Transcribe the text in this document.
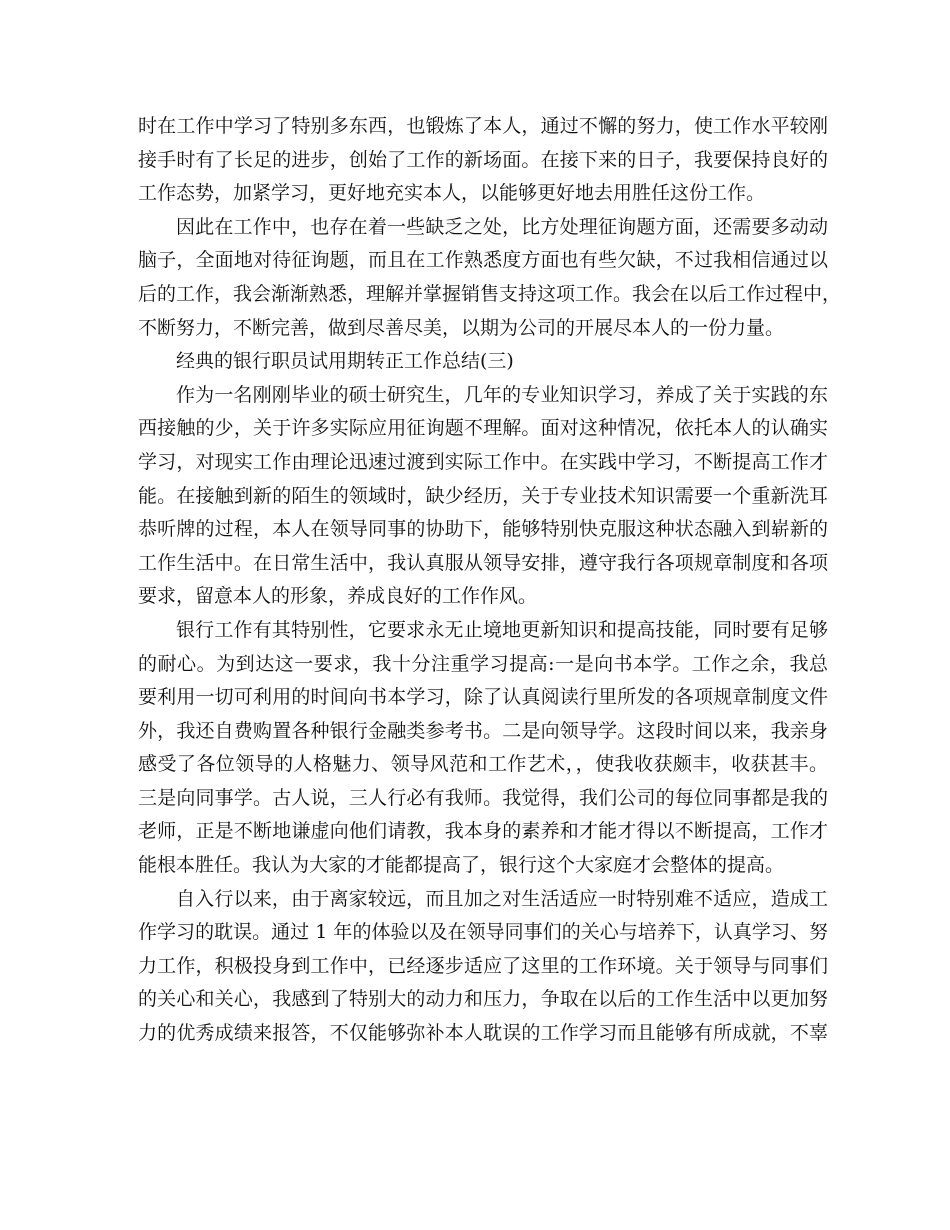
时在工作中学习了特别多东西，也锻炼了本人，通过不懈的努力，使工作水平较刚
接手时有了长足的进步，创始了工作的新场面。在接下来的日子，我要保持良好的
工作态势，加紧学习，更好地充实本人，以能够更好地去用胜任这份工作。
因此在工作中，也存在着一些缺乏之处，比方处理征询题方面，还需要多动动
脑子，全面地对待征询题，而且在工作熟悉度方面也有些欠缺，不过我相信通过以
后的工作，我会渐渐熟悉，理解并掌握销售支持这项工作。我会在以后工作过程中，
不断努力，不断完善，做到尽善尽美，以期为公司的开展尽本人的一份力量。
经典的银行职员试用期转正工作总结(三)
作为一名刚刚毕业的硕士研究生，几年的专业知识学习，养成了关于实践的东
西接触的少，关于许多实际应用征询题不理解。面对这种情况，依托本人的认确实
学习，对现实工作由理论迅速过渡到实际工作中。在实践中学习，不断提高工作才
能。在接触到新的陌生的领域时，缺少经历，关于专业技术知识需要一个重新洗耳
恭听牌的过程，本人在领导同事的协助下，能够特别快克服这种状态融入到崭新的
工作生活中。在日常生活中，我认真服从领导安排，遵守我行各项规章制度和各项
要求，留意本人的形象，养成良好的工作作风。
银行工作有其特别性，它要求永无止境地更新知识和提高技能，同时要有足够
的耐心。为到达这一要求，我十分注重学习提高:一是向书本学。工作之余，我总
要利用一切可利用的时间向书本学习，除了认真阅读行里所发的各项规章制度文件
外，我还自费购置各种银行金融类参考书。二是向领导学。这段时间以来，我亲身
感受了各位领导的人格魅力、领导风范和工作艺术，，使我收获颇丰，收获甚丰。
三是向同事学。古人说，三人行必有我师。我觉得，我们公司的每位同事都是我的
老师，正是不断地谦虚向他们请教，我本身的素养和才能才得以不断提高，工作才
能根本胜任。我认为大家的才能都提高了，银行这个大家庭才会整体的提高。
自入行以来，由于离家较远，而且加之对生活适应一时特别难不适应，造成工
作学习的耽误。通过 1 年的体验以及在领导同事们的关心与培养下，认真学习、努
力工作，积极投身到工作中，已经逐步适应了这里的工作环境。关于领导与同事们
的关心和关心，我感到了特别大的动力和压力，争取在以后的工作生活中以更加努
力的优秀成绩来报答，不仅能够弥补本人耽误的工作学习而且能够有所成就，不辜
